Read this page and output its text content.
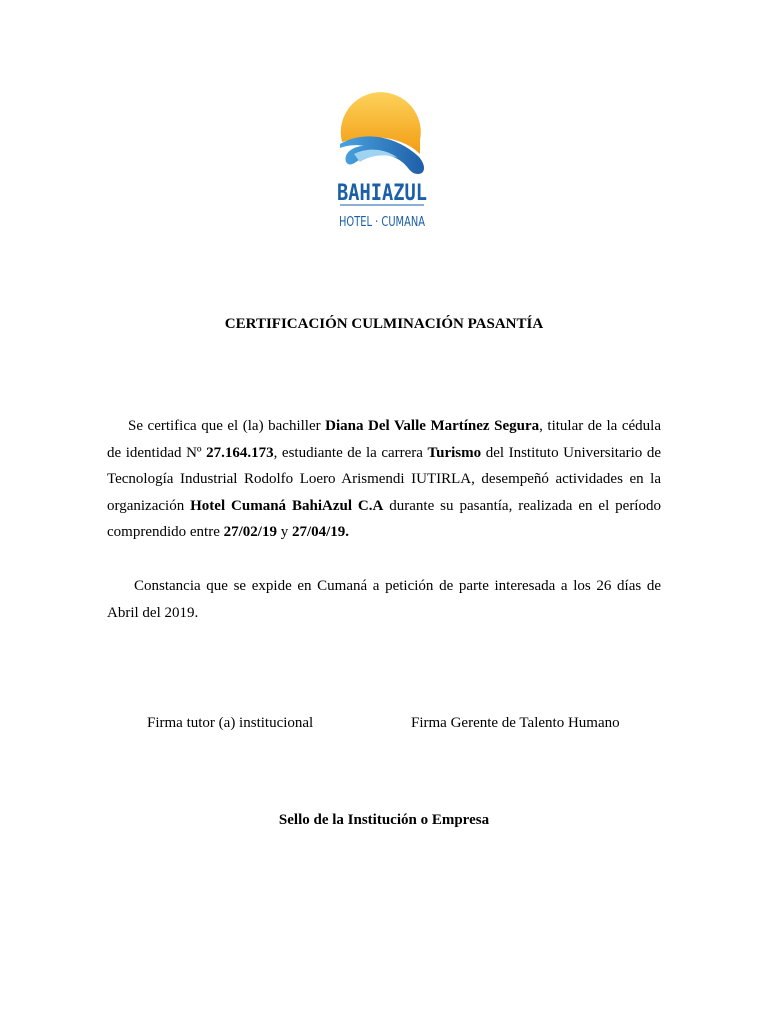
BAHIAZUL
HOTEL · CUMANA

CERTIFICACIÓN CULMINACIÓN PASANTÍA

Se certifica que el (la) bachiller Diana Del Valle Martínez Segura, titular de la cédula de identidad Nº 27.164.173, estudiante de la carrera Turismo del Instituto Universitario de Tecnología Industrial Rodolfo Loero Arismendi IUTIRLA, desempeñó actividades en la organización Hotel Cumaná BahiAzul C.A durante su pasantía, realizada en el período comprendido entre 27/02/19 y 27/04/19.

Constancia que se expide en Cumaná a petición de parte interesada a los 26 días de Abril del 2019.

Firma tutor (a) institucional	Firma Gerente de Talento Humano

Sello de la Institución o Empresa
